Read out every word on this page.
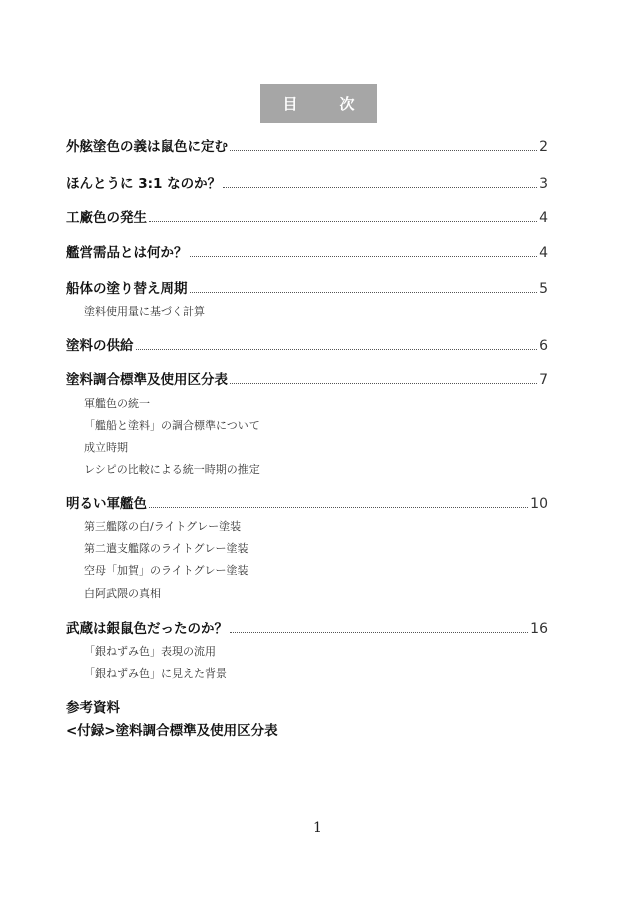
目	次
外舷塗色の義は鼠色に定む	2
ほんとうに 3:1 なのか？	3
工廠色の発生	4
艦営需品とは何か？	4
船体の塗り替え周期	5
塗料使用量に基づく計算
塗料の供給	6
塗料調合標準及使用区分表	7
軍艦色の統一
「艦船と塗料」の調合標準について
成立時期
レシピの比較による統一時期の推定
明るい軍艦色	10
第三艦隊の白/ライトグレー塗装
第二遣支艦隊のライトグレー塗装
空母「加賀」のライトグレー塗装
白阿武隈の真相
武蔵は銀鼠色だったのか？	16
「銀ねずみ色」表現の流用
「銀ねずみ色」に見えた背景
参考資料
<付録>塗料調合標準及使用区分表
1
